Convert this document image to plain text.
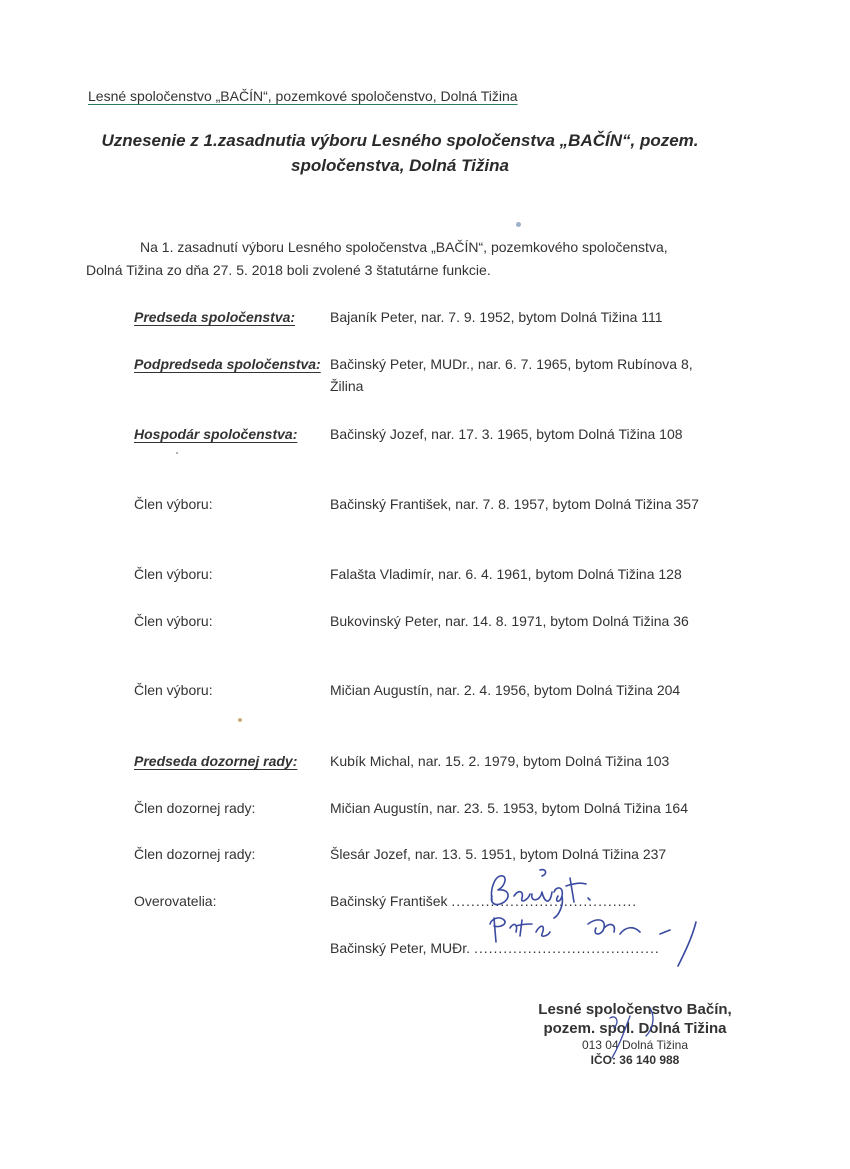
Lesné spoločenstvo „BAČÍN“, pozemkové spoločenstvo, Dolná Tižina
Uznesenie z 1.zasadnutia výboru Lesného spoločenstva „BAČÍN“, pozem.
spoločenstva, Dolná Tižina
Na 1. zasadnutí výboru Lesného spoločenstva „BAČÍN“, pozemkového spoločenstva,
Dolná Tižina zo dňa 27. 5. 2018 boli zvolené 3 štatutárne funkcie.
Predseda spoločenstva:	Bajaník Peter, nar. 7. 9. 1952, bytom Dolná Tižina 111
Podpredseda spoločenstva: Bačinský Peter, MUDr., nar. 6. 7. 1965, bytom Rubínova 8, Žilina
Hospodár spoločenstva:	Bačinský Jozef, nar. 17. 3. 1965, bytom Dolná Tižina 108
Člen výboru:	Bačinský František, nar. 7. 8. 1957, bytom Dolná Tižina 357
Člen výboru:	Falašta Vladimír, nar. 6. 4. 1961, bytom Dolná Tižina 128
Člen výboru:	Bukovinský Peter, nar. 14. 8. 1971, bytom Dolná Tižina 36
Člen výboru:	Mičian Augustín, nar. 2. 4. 1956, bytom Dolná Tižina 204
Predseda dozornej rady:	Kubík Michal, nar. 15. 2. 1979, bytom Dolná Tižina 103
Člen dozornej rady:	Mičian Augustín, nar. 23. 5. 1953, bytom Dolná Tižina 164
Člen dozornej rady:	Šlesár Jozef, nar. 13. 5. 1951, bytom Dolná Tižina 237
Overovatelia:	Bačinský František ......................................
Bačinský Peter, MUĐr. ......................................
Lesné spoločenstvo Bačín,
pozem. spol. Dolná Tižina
013 04 Dolná Tižina
IČO: 36 140 988
